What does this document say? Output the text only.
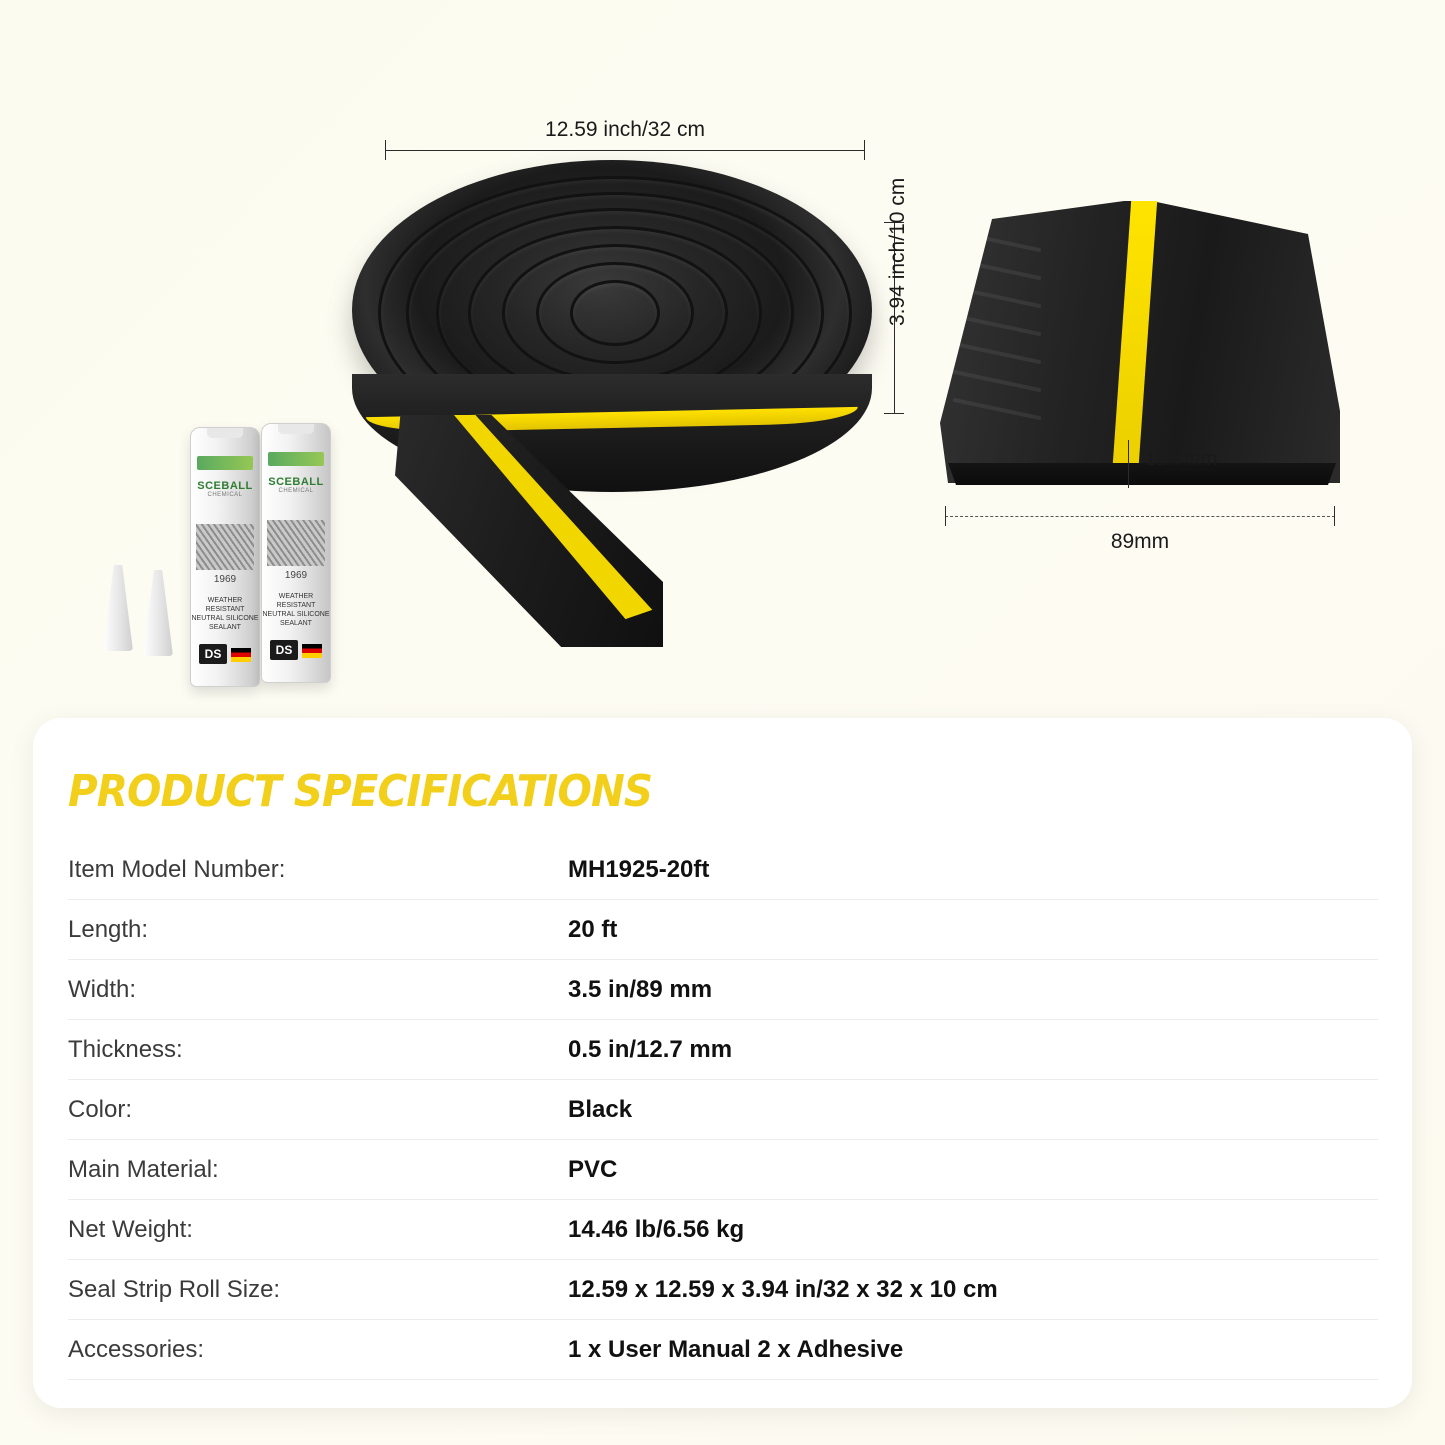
12.59 inch/32 cm
3.94 inch/10 cm
12.7mm
89mm
SCEBALL
CHEMICAL
1969
WEATHER RESISTANT NEUTRAL SILICONE SEALANT
DS
SCEBALL
CHEMICAL
1969
WEATHER RESISTANT NEUTRAL SILICONE SEALANT
DS
PRODUCT SPECIFICATIONS
Item Model Number:	MH1925-20ft
Length:	20 ft
Width:	3.5 in/89 mm
Thickness:	0.5 in/12.7 mm
Color:	Black
Main Material:	PVC
Net Weight:	14.46 lb/6.56 kg
Seal Strip Roll Size:	12.59 x 12.59 x 3.94 in/32 x 32 x 10 cm
Accessories:	1 x User Manual 2 x Adhesive
